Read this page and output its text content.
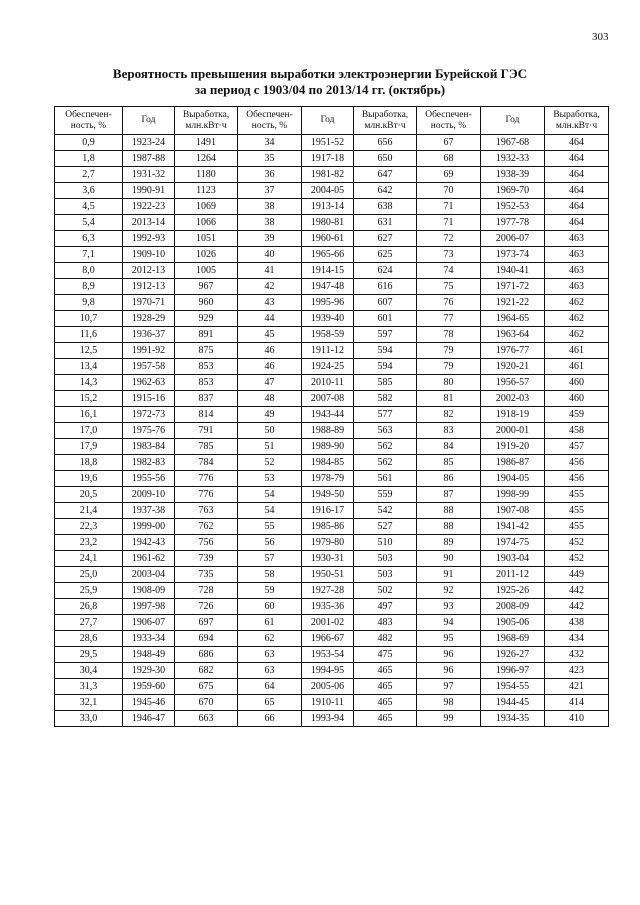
303
Вероятность превышения выработки электроэнергии Бурейской ГЭС
за период с 1903/04 по 2013/14 гг. (октябрь)
Обеспечен-ность, %	Год	Выработка, млн.кВт·ч	Обеспечен-ность, %	Год	Выработка, млн.кВт·ч	Обеспечен-ность, %	Год	Выработка, млн.кВт·ч
0,9	1923-24	1491	34	1951-52	656	67	1967-68	464
1,8	1987-88	1264	35	1917-18	650	68	1932-33	464
2,7	1931-32	1180	36	1981-82	647	69	1938-39	464
3,6	1990-91	1123	37	2004-05	642	70	1969-70	464
4,5	1922-23	1069	38	1913-14	638	71	1952-53	464
5,4	2013-14	1066	38	1980-81	631	71	1977-78	464
6,3	1992-93	1051	39	1960-61	627	72	2006-07	463
7,1	1909-10	1026	40	1965-66	625	73	1973-74	463
8,0	2012-13	1005	41	1914-15	624	74	1940-41	463
8,9	1912-13	967	42	1947-48	616	75	1971-72	463
9,8	1970-71	960	43	1995-96	607	76	1921-22	462
10,7	1928-29	929	44	1939-40	601	77	1964-65	462
11,6	1936-37	891	45	1958-59	597	78	1963-64	462
12,5	1991-92	875	46	1911-12	594	79	1976-77	461
13,4	1957-58	853	46	1924-25	594	79	1920-21	461
14,3	1962-63	853	47	2010-11	585	80	1956-57	460
15,2	1915-16	837	48	2007-08	582	81	2002-03	460
16,1	1972-73	814	49	1943-44	577	82	1918-19	459
17,0	1975-76	791	50	1988-89	563	83	2000-01	458
17,9	1983-84	785	51	1989-90	562	84	1919-20	457
18,8	1982-83	784	52	1984-85	562	85	1986-87	456
19,6	1955-56	776	53	1978-79	561	86	1904-05	456
20,5	2009-10	776	54	1949-50	559	87	1998-99	455
21,4	1937-38	763	54	1916-17	542	88	1907-08	455
22,3	1999-00	762	55	1985-86	527	88	1941-42	455
23,2	1942-43	756	56	1979-80	510	89	1974-75	452
24,1	1961-62	739	57	1930-31	503	90	1903-04	452
25,0	2003-04	735	58	1950-51	503	91	2011-12	449
25,9	1908-09	728	59	1927-28	502	92	1925-26	442
26,8	1997-98	726	60	1935-36	497	93	2008-09	442
27,7	1906-07	697	61	2001-02	483	94	1905-06	438
28,6	1933-34	694	62	1966-67	482	95	1968-69	434
29,5	1948-49	686	63	1953-54	475	96	1926-27	432
30,4	1929-30	682	63	1994-95	465	96	1996-97	423
31,3	1959-60	675	64	2005-06	465	97	1954-55	421
32,1	1945-46	670	65	1910-11	465	98	1944-45	414
33,0	1946-47	663	66	1993-94	465	99	1934-35	410
